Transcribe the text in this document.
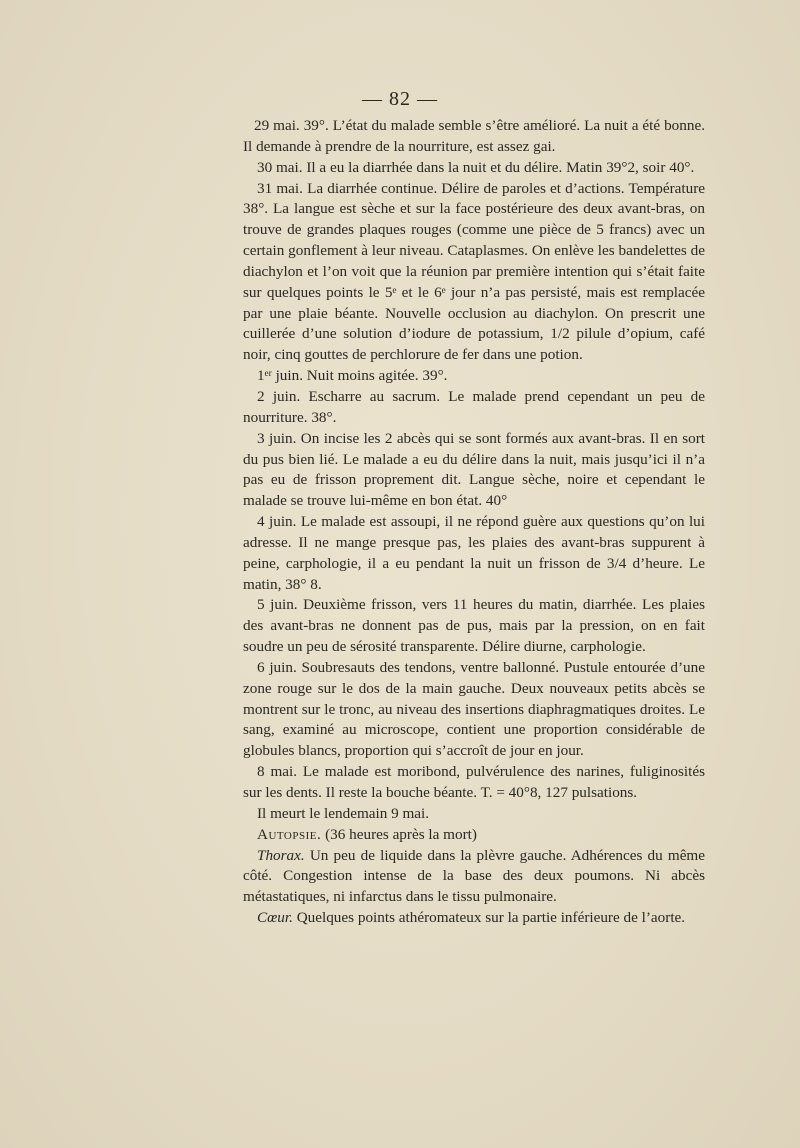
— 82 —

29 mai. 39°. L’état du malade semble s’être amélioré. La nuit a été bonne. Il demande à prendre de la nourriture, est assez gai.

30 mai. Il a eu la diarrhée dans la nuit et du délire. Matin 39°2, soir 40°.

31 mai. La diarrhée continue. Délire de paroles et d’actions. Température 38°. La langue est sèche et sur la face postérieure des deux avant-bras, on trouve de grandes plaques rouges (comme une pièce de 5 francs) avec un certain gonflement à leur niveau. Cataplasmes. On enlève les bandelettes de diachylon et l’on voit que la réunion par première intention qui s’était faite sur quelques points le 5ᵉ et le 6ᵉ jour n’a pas persisté, mais est remplacée par une plaie béante. Nouvelle occlusion au diachylon. On prescrit une cuillerée d’une solution d’iodure de potassium, 1/2 pilule d’opium, café noir, cinq gouttes de perchlorure de fer dans une potion.

1ᵉʳ juin. Nuit moins agitée. 39°.

2 juin. Escharre au sacrum. Le malade prend cependant un peu de nourriture. 38°.

3 juin. On incise les 2 abcès qui se sont formés aux avant-bras. Il en sort du pus bien lié. Le malade a eu du délire dans la nuit, mais jusqu’ici il n’a pas eu de frisson proprement dit. Langue sèche, noire et cependant le malade se trouve lui-même en bon état. 40°

4 juin. Le malade est assoupi, il ne répond guère aux questions qu’on lui adresse. Il ne mange presque pas, les plaies des avant-bras suppurent à peine, carphologie, il a eu pendant la nuit un frisson de 3/4 d’heure. Le matin, 38° 8.

5 juin. Deuxième frisson, vers 11 heures du matin, diarrhée. Les plaies des avant-bras ne donnent pas de pus, mais par la pression, on en fait soudre un peu de sérosité transparente. Délire diurne, carphologie.

6 juin. Soubresauts des tendons, ventre ballonné. Pustule entourée d’une zone rouge sur le dos de la main gauche. Deux nouveaux petits abcès se montrent sur le tronc, au niveau des insertions diaphragmatiques droites. Le sang, examiné au microscope, contient une proportion considérable de globules blancs, proportion qui s’accroît de jour en jour.

8 mai. Le malade est moribond, pulvérulence des narines, fuliginosités sur les dents. Il reste la bouche béante. T. = 40°8, 127 pulsations.

Il meurt le lendemain 9 mai.

Autopsie. (36 heures après la mort)

Thorax. Un peu de liquide dans la plèvre gauche. Adhérences du même côté. Congestion intense de la base des deux poumons. Ni abcès métastatiques, ni infarctus dans le tissu pulmonaire.

Cœur. Quelques points athéromateux sur la partie inférieure de l’aorte.
